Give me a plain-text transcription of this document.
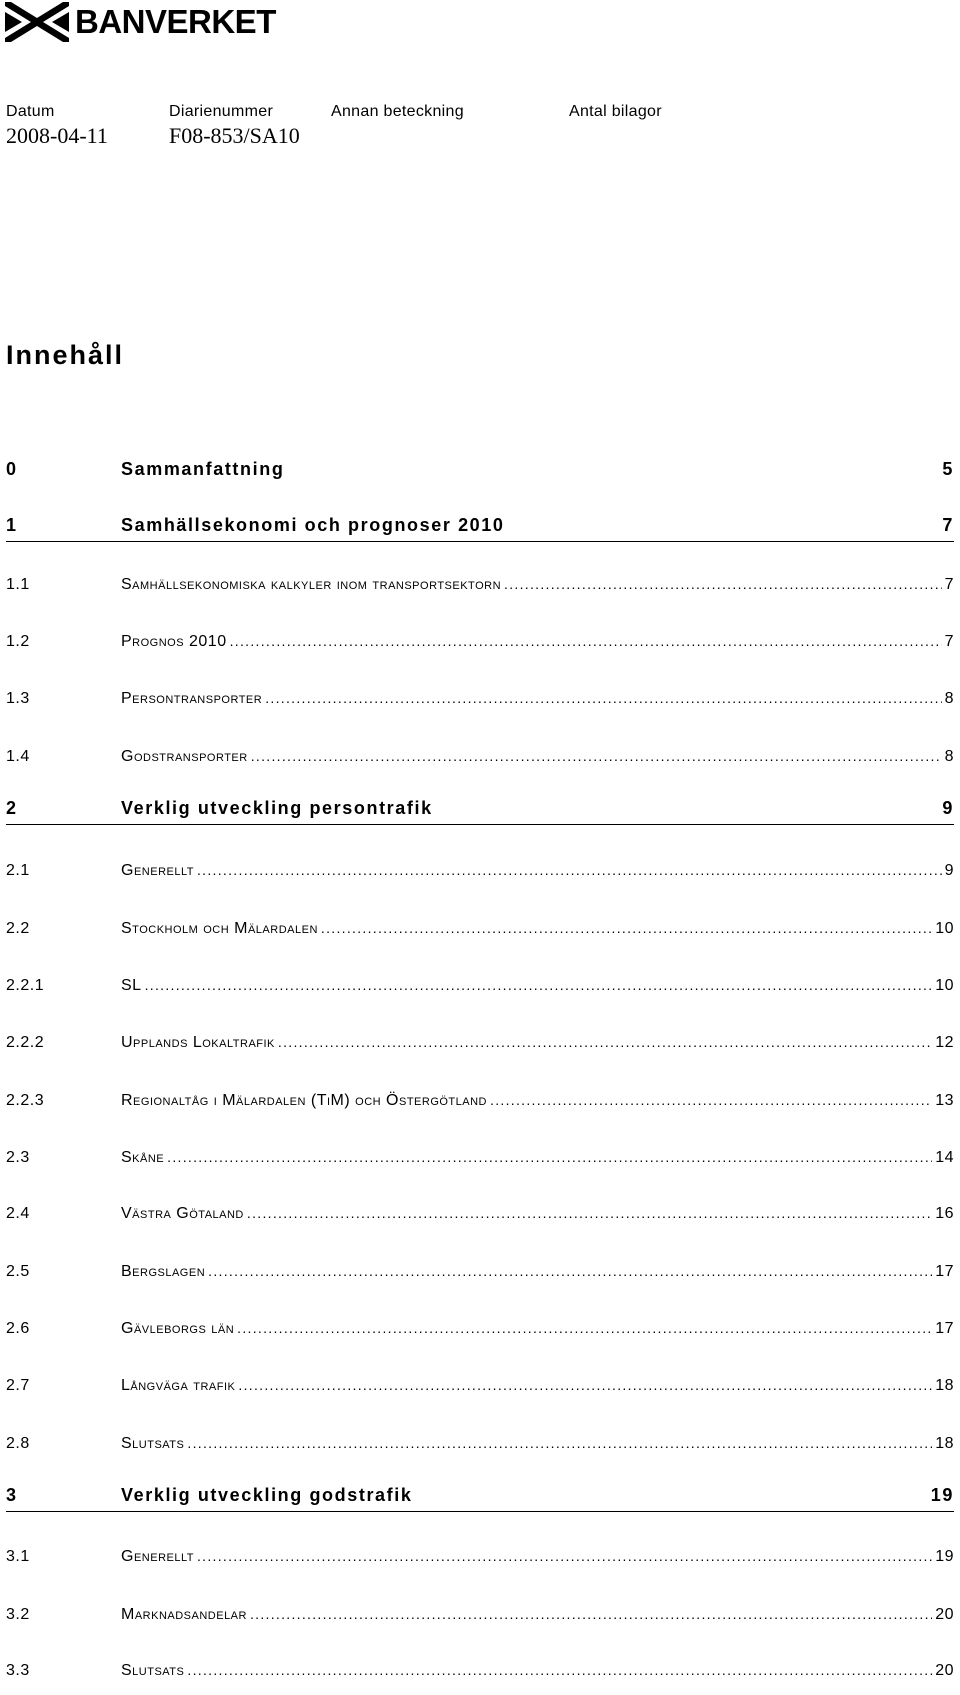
BANVERKET
Datum	Diarienummer	Annan beteckning	Antal bilagor
2008-04-11	F08-853/SA10
Innehåll
0	Sammanfattning	5
1	Samhällsekonomi och prognoser 2010	7
1.1	Samhällsekonomiska kalkyler inom transportsektorn .....	7
1.2	Prognos 2010 .....	7
1.3	Persontransporter .....	8
1.4	Godstransporter .....	8
2	Verklig utveckling persontrafik	9
2.1	Generellt .....	9
2.2	Stockholm och Mälardalen .....	10
2.2.1	SL .....	10
2.2.2	Upplands Lokaltrafik .....	12
2.2.3	Regionaltåg i Mälardalen (TiM) och Östergötland .....	13
2.3	Skåne .....	14
2.4	Västra Götaland .....	16
2.5	Bergslagen .....	17
2.6	Gävleborgs län .....	17
2.7	Långväga trafik .....	18
2.8	Slutsats .....	18
3	Verklig utveckling godstrafik	19
3.1	Generellt .....	19
3.2	Marknadsandelar .....	20
3.3	Slutsats .....	20
